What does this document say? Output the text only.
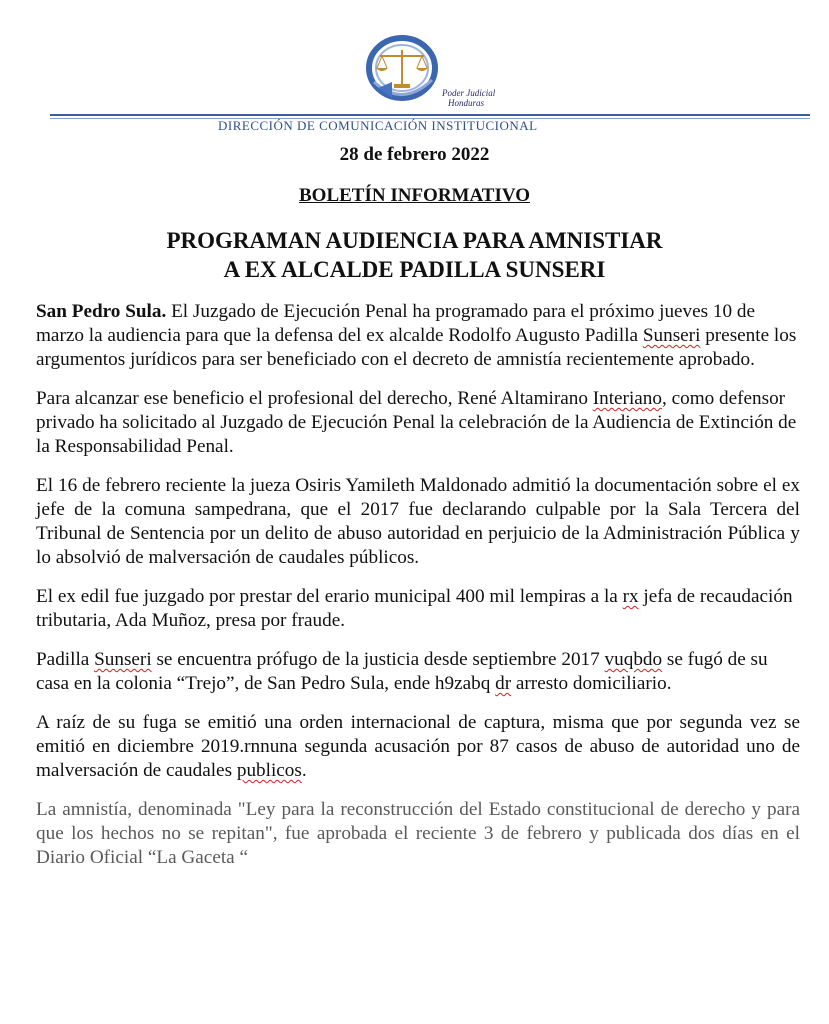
Poder Judicial
Honduras
DIRECCIÓN DE COMUNICACIÓN INSTITUCIONAL
28 de febrero 2022
BOLETÍN INFORMATIVO
PROGRAMAN AUDIENCIA PARA AMNISTIAR
A EX ALCALDE PADILLA SUNSERI

San Pedro Sula. El Juzgado de Ejecución Penal ha programado para el próximo jueves 10 de marzo la audiencia para que la defensa del ex alcalde Rodolfo Augusto Padilla Sunseri presente los argumentos jurídicos para ser beneficiado con el decreto de amnistía recientemente aprobado.

Para alcanzar ese beneficio el profesional del derecho, René Altamirano Interiano, como defensor privado ha solicitado al Juzgado de Ejecución Penal la celebración de la Audiencia de Extinción de la Responsabilidad Penal.

El 16 de febrero reciente la jueza Osiris Yamileth Maldonado admitió la documentación sobre el ex jefe de la comuna sampedrana, que el 2017 fue declarando culpable por la Sala Tercera del Tribunal de Sentencia por un delito de abuso autoridad en perjuicio de la Administración Pública y lo absolvió de malversación de caudales públicos.

El ex edil fue juzgado por prestar del erario municipal 400 mil lempiras a la rx jefa de recaudación tributaria, Ada Muñoz, presa por fraude.

Padilla Sunseri se encuentra prófugo de la justicia desde septiembre 2017 vuqbdo se fugó de su casa en la colonia “Trejo”, de San Pedro Sula, ende h9zabq dr arresto domiciliario.

A raíz de su fuga se emitió una orden internacional de captura, misma que por segunda vez se emitió en diciembre 2019.rnnuna segunda acusación por 87 casos de abuso de autoridad uno de malversación de caudales publicos.

La amnistía, denominada "Ley para la reconstrucción del Estado constitucional de derecho y para que los hechos no se repitan", fue aprobada el reciente 3 de febrero y publicada dos días en el Diario Oficial “La Gaceta “
